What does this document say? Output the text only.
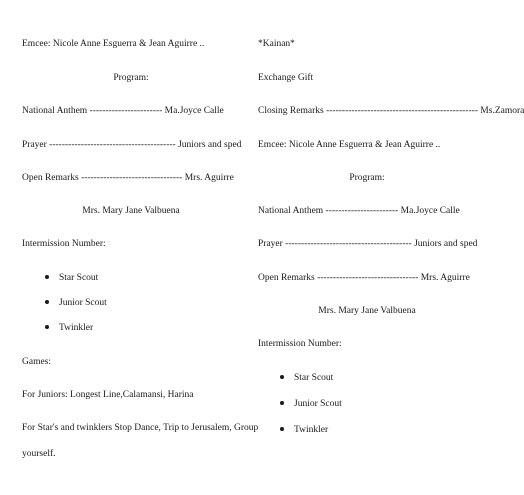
Emcee: Nicole Anne Esguerra & Jean Aguirre ..
Program:
National Anthem ----------------------- Ma.Joyce Calle
Prayer ---------------------------------------- Juniors and sped
Open Remarks -------------------------------- Mrs. Aguirre
Mrs. Mary Jane Valbuena
Intermission Number:
Star Scout
Junior Scout
Twinkler
Games:
For Juniors: Longest Line,Calamansi, Harina
For Star's and twinklers Stop Dance, Trip to Jerusalem, Group
yourself.
*Kainan*
Exchange Gift
Closing Remarks ------------------------------------------------ Ms.Zamora
Emcee: Nicole Anne Esguerra & Jean Aguirre ..
Program:
National Anthem ----------------------- Ma.Joyce Calle
Prayer ---------------------------------------- Juniors and sped
Open Remarks -------------------------------- Mrs. Aguirre
Mrs. Mary Jane Valbuena
Intermission Number:
Star Scout
Junior Scout
Twinkler
